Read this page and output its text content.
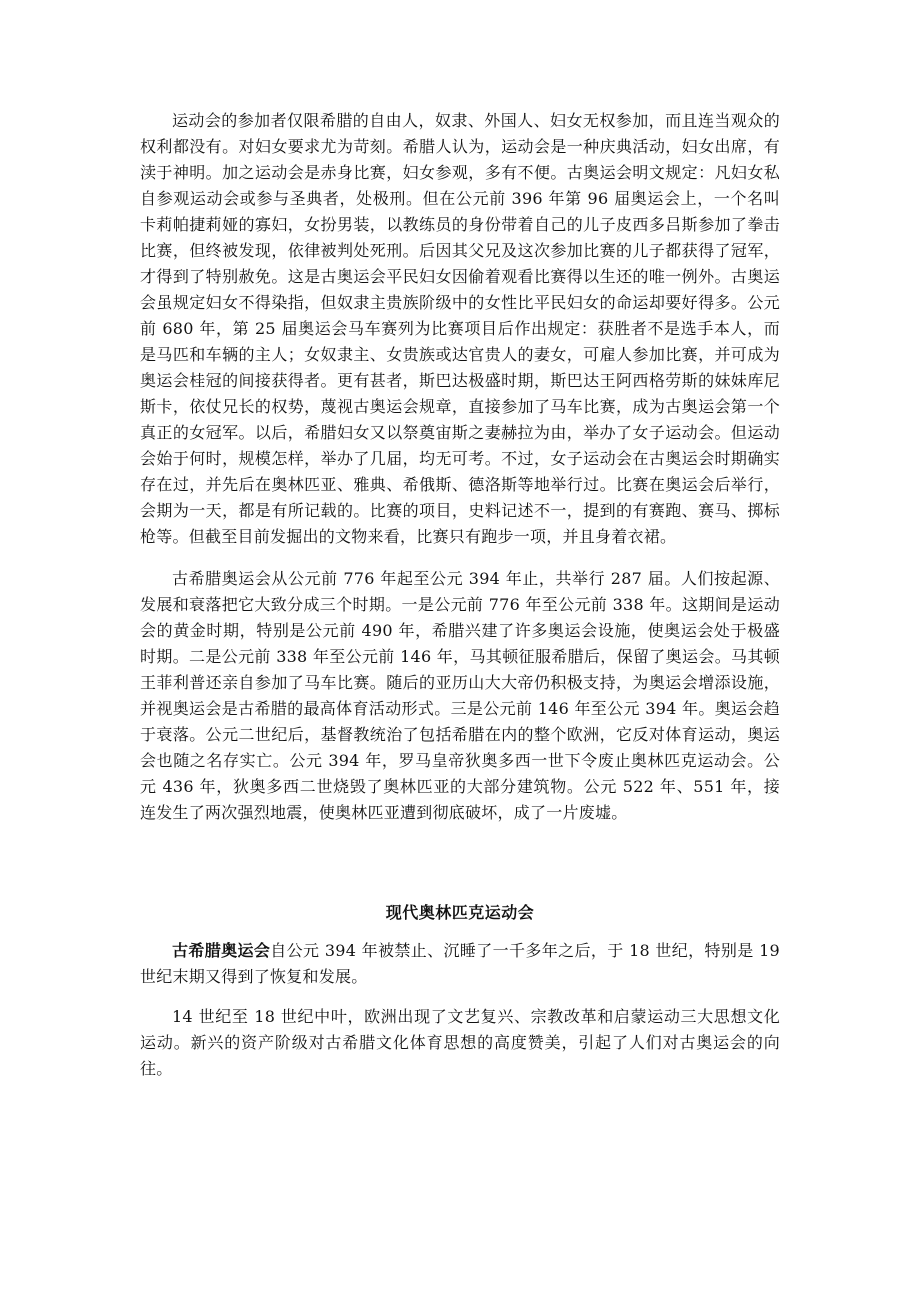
运动会的参加者仅限希腊的自由人，奴隶、外国人、妇女无权参加，而且连当观众的权利都没有。对妇女要求尤为苛刻。希腊人认为，运动会是一种庆典活动，妇女出席，有渎于神明。加之运动会是赤身比赛，妇女参观，多有不便。古奥运会明文规定：凡妇女私自参观运动会或参与圣典者，处极刑。但在公元前 396 年第 96 届奥运会上，一个名叫卡莉帕捷莉娅的寡妇，女扮男装，以教练员的身份带着自己的儿子皮西多吕斯参加了拳击比赛，但终被发现，依律被判处死刑。后因其父兄及这次参加比赛的儿子都获得了冠军，才得到了特别赦免。这是古奥运会平民妇女因偷着观看比赛得以生还的唯一例外。古奥运会虽规定妇女不得染指，但奴隶主贵族阶级中的女性比平民妇女的命运却要好得多。公元前 680 年，第 25 届奥运会马车赛列为比赛项目后作出规定：获胜者不是选手本人，而是马匹和车辆的主人；女奴隶主、女贵族或达官贵人的妻女，可雇人参加比赛，并可成为奥运会桂冠的间接获得者。更有甚者，斯巴达极盛时期，斯巴达王阿西格劳斯的妹妹库尼斯卡，依仗兄长的权势，蔑视古奥运会规章，直接参加了马车比赛，成为古奥运会第一个真正的女冠军。以后，希腊妇女又以祭奠宙斯之妻赫拉为由，举办了女子运动会。但运动会始于何时，规模怎样，举办了几届，均无可考。不过，女子运动会在古奥运会时期确实存在过，并先后在奥林匹亚、雅典、希俄斯、德洛斯等地举行过。比赛在奥运会后举行，会期为一天，都是有所记载的。比赛的项目，史料记述不一，提到的有赛跑、赛马、掷标枪等。但截至目前发掘出的文物来看，比赛只有跑步一项，并且身着衣裙。

古希腊奥运会从公元前 776 年起至公元 394 年止，共举行 287 届。人们按起源、发展和衰落把它大致分成三个时期。一是公元前 776 年至公元前 338 年。这期间是运动会的黄金时期，特别是公元前 490 年，希腊兴建了许多奥运会设施，使奥运会处于极盛时期。二是公元前 338 年至公元前 146 年，马其顿征服希腊后，保留了奥运会。马其顿王菲利普还亲自参加了马车比赛。随后的亚历山大大帝仍积极支持，为奥运会增添设施，并视奥运会是古希腊的最高体育活动形式。三是公元前 146 年至公元 394 年。奥运会趋于衰落。公元二世纪后，基督教统治了包括希腊在内的整个欧洲，它反对体育运动，奥运会也随之名存实亡。公元 394 年，罗马皇帝狄奥多西一世下令废止奥林匹克运动会。公元 436 年，狄奥多西二世烧毁了奥林匹亚的大部分建筑物。公元 522 年、551 年，接连发生了两次强烈地震，使奥林匹亚遭到彻底破坏，成了一片废墟。

现代奥林匹克运动会

古希腊奥运会自公元 394 年被禁止、沉睡了一千多年之后，于 18 世纪，特别是 19 世纪末期又得到了恢复和发展。

14 世纪至 18 世纪中叶，欧洲出现了文艺复兴、宗教改革和启蒙运动三大思想文化运动。新兴的资产阶级对古希腊文化体育思想的高度赞美，引起了人们对古奥运会的向往。
